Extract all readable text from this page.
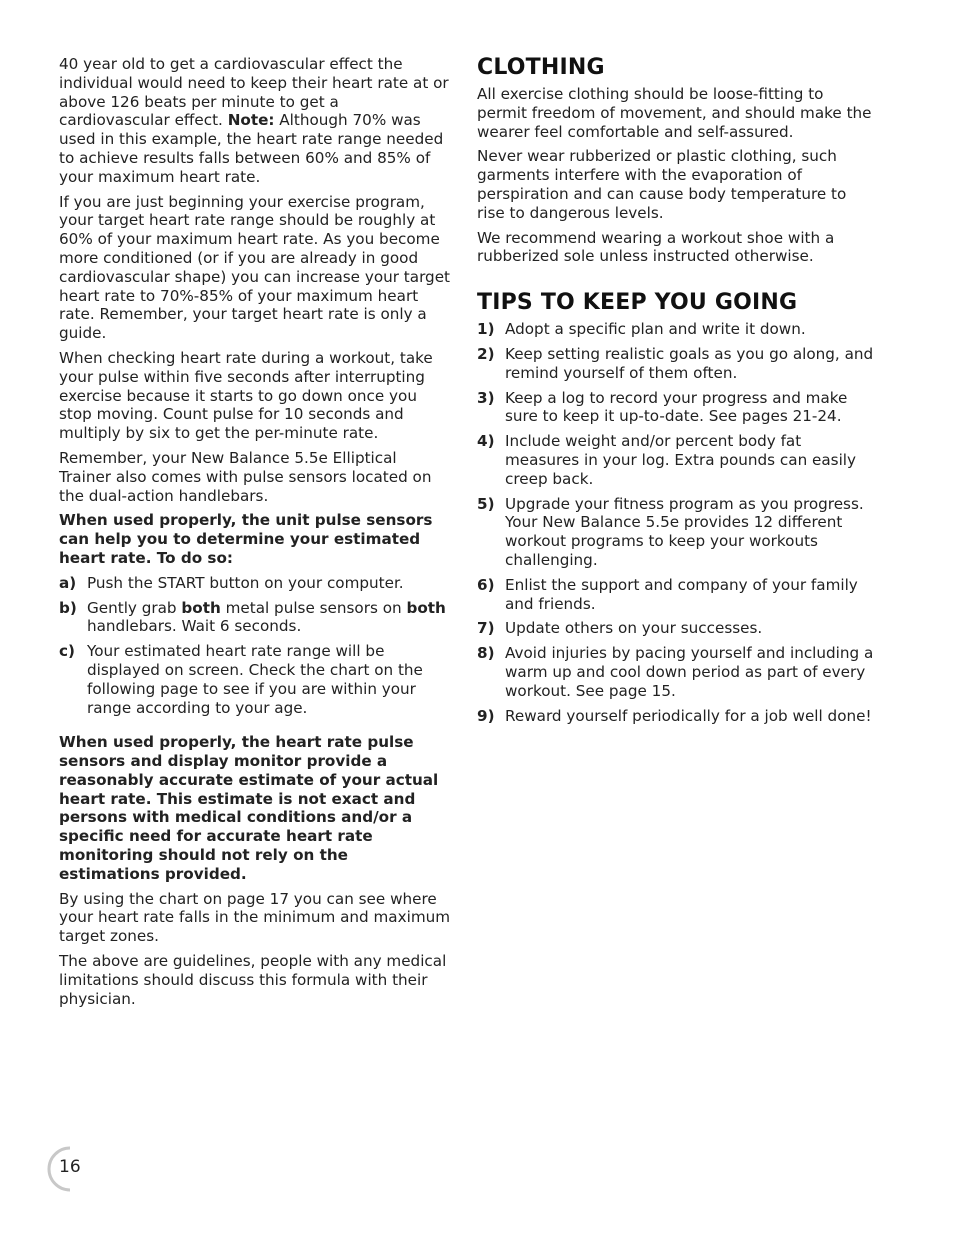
40 year old to get a cardiovascular effect the individual would need to keep their heart rate at or above 126 beats per minute to get a cardiovascular effect. Note: Although 70% was used in this example, the heart rate range needed to achieve results falls between 60% and 85% of your maximum heart rate.

If you are just beginning your exercise program, your target heart rate range should be roughly at 60% of your maximum heart rate. As you become more conditioned (or if you are already in good cardiovascular shape) you can increase your target heart rate to 70%-85% of your maximum heart rate. Remember, your target heart rate is only a guide.

When checking heart rate during a workout, take your pulse within five seconds after interrupting exercise because it starts to go down once you stop moving. Count pulse for 10 seconds and multiply by six to get the per-minute rate.

Remember, your New Balance 5.5e Elliptical Trainer also comes with pulse sensors located on the dual-action handlebars.

When used properly, the unit pulse sensors can help you to determine your estimated heart rate. To do so:

a) Push the START button on your computer.
b) Gently grab both metal pulse sensors on both handlebars. Wait 6 seconds.
c) Your estimated heart rate range will be displayed on screen. Check the chart on the following page to see if you are within your range according to your age.

When used properly, the heart rate pulse sensors and display monitor provide a reasonably accurate estimate of your actual heart rate. This estimate is not exact and persons with medical conditions and/or a specific need for accurate heart rate monitoring should not rely on the estimations provided.

By using the chart on page 17 you can see where your heart rate falls in the minimum and maximum target zones.

The above are guidelines, people with any medical limitations should discuss this formula with their physician.

CLOTHING

All exercise clothing should be loose-fitting to permit freedom of movement, and should make the wearer feel comfortable and self-assured.

Never wear rubberized or plastic clothing, such garments interfere with the evaporation of perspiration and can cause body temperature to rise to dangerous levels.

We recommend wearing a workout shoe with a rubberized sole unless instructed otherwise.

TIPS TO KEEP YOU GOING
1) Adopt a specific plan and write it down.
2) Keep setting realistic goals as you go along, and remind yourself of them often.
3) Keep a log to record your progress and make sure to keep it up-to-date. See pages 21-24.
4) Include weight and/or percent body fat measures in your log. Extra pounds can easily creep back.
5) Upgrade your fitness program as you progress. Your New Balance 5.5e provides 12 different workout programs to keep your workouts challenging.
6) Enlist the support and company of your family and friends.
7) Update others on your successes.
8) Avoid injuries by pacing yourself and including a warm up and cool down period as part of every workout. See page 15.
9) Reward yourself periodically for a job well done!
16
